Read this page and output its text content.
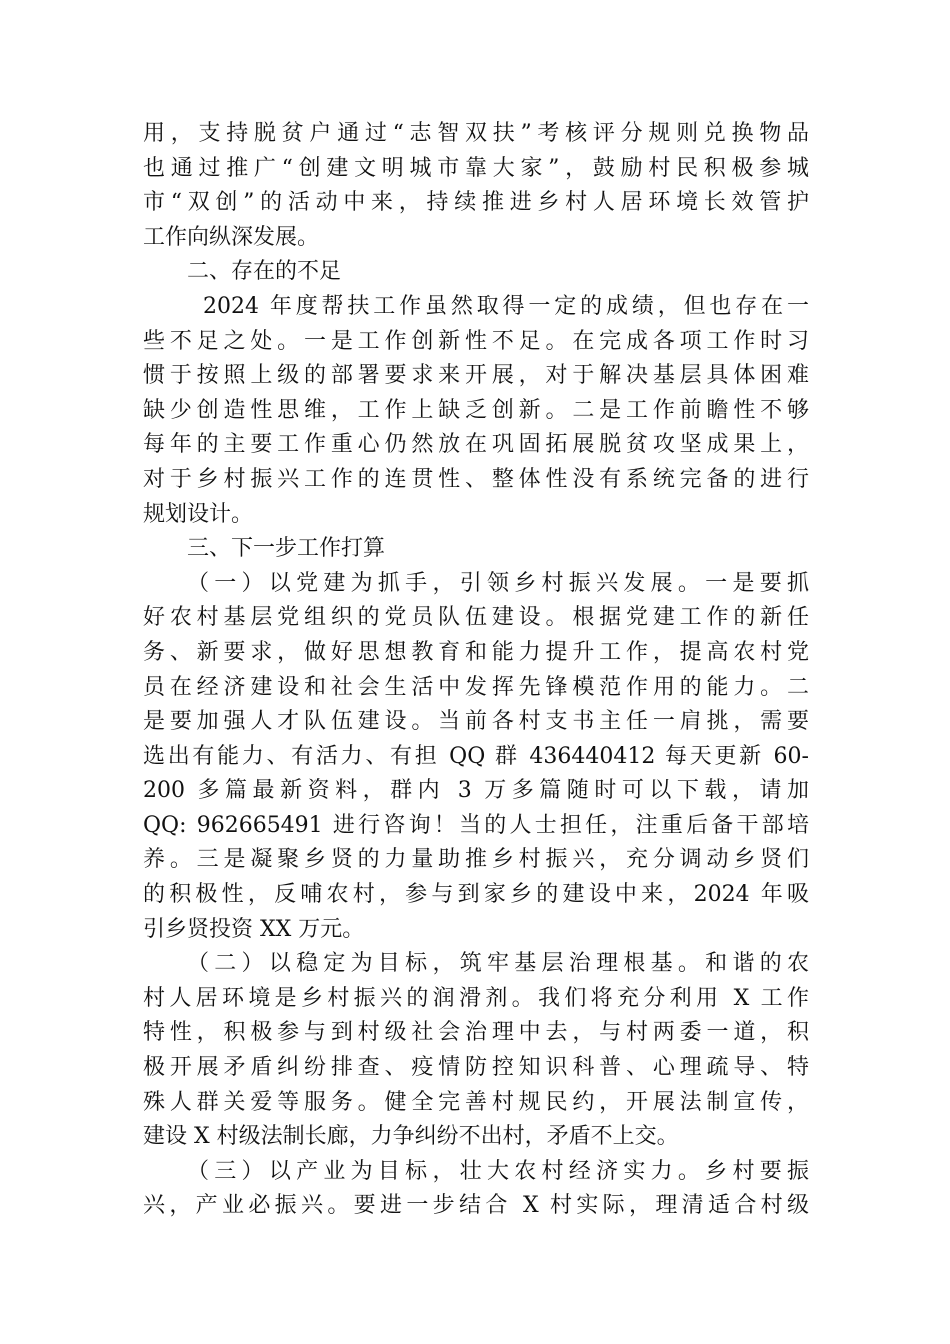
用，支持脱贫户通过“志智双扶”考核评分规则兑换物品
也通过推广“创建文明城市靠大家”，鼓励村民积极参城
市“双创”的活动中来，持续推进乡村人居环境长效管护
工作向纵深发展。
二、存在的不足
2024 年度帮扶工作虽然取得一定的成绩，但也存在一
些不足之处。一是工作创新性不足。在完成各项工作时习
惯于按照上级的部署要求来开展，对于解决基层具体困难
缺少创造性思维，工作上缺乏创新。二是工作前瞻性不够
每年的主要工作重心仍然放在巩固拓展脱贫攻坚成果上，
对于乡村振兴工作的连贯性、整体性没有系统完备的进行
规划设计。
三、下一步工作打算
（一）以党建为抓手，引领乡村振兴发展。一是要抓
好农村基层党组织的党员队伍建设。根据党建工作的新任
务、新要求，做好思想教育和能力提升工作，提高农村党
员在经济建设和社会生活中发挥先锋模范作用的能力。二
是要加强人才队伍建设。当前各村支书主任一肩挑，需要
选出有能力、有活力、有担 QQ 群 436440412 每天更新 60-
200 多篇最新资料，群内 3 万多篇随时可以下载，请加
QQ: 962665491 进行咨询！当的人士担任，注重后备干部培
养。三是凝聚乡贤的力量助推乡村振兴，充分调动乡贤们
的积极性，反哺农村，参与到家乡的建设中来，2024 年吸
引乡贤投资 XX 万元。
（二）以稳定为目标，筑牢基层治理根基。和谐的农
村人居环境是乡村振兴的润滑剂。我们将充分利用 X 工作
特性，积极参与到村级社会治理中去，与村两委一道，积
极开展矛盾纠纷排查、疫情防控知识科普、心理疏导、特
殊人群关爱等服务。健全完善村规民约，开展法制宣传，
建设 X 村级法制长廊，力争纠纷不出村，矛盾不上交。
（三）以产业为目标，壮大农村经济实力。乡村要振
兴，产业必振兴。要进一步结合 X 村实际，理清适合村级
